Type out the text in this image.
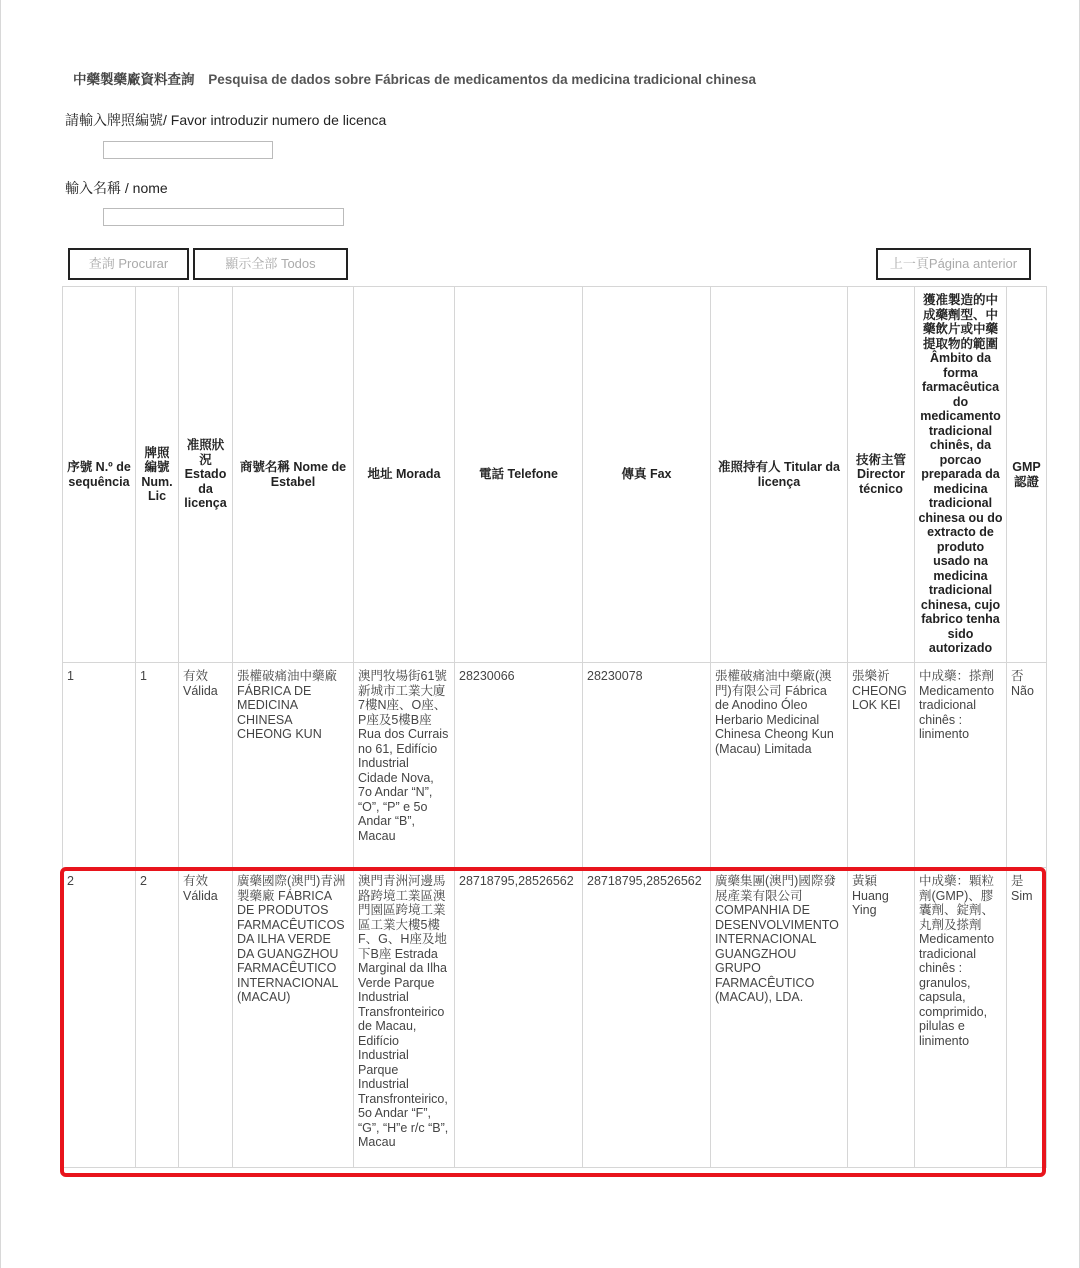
中藥製藥廠資料查詢 Pesquisa de dados sobre Fábricas de medicamentos da medicina tradicional chinesa
請輸入牌照編號/ Favor introduzir numero de licenca
輸入名稱 / nome
查詢 Procurar	顯示全部 Todos	上一頁Página anterior
序號 N.º de sequência	牌照編號 Num. Lic	准照狀況 Estado da licença	商號名稱 Nome de Estabel	地址 Morada	電話 Telefone	傳真 Fax	准照持有人 Titular da licença	技術主管 Director técnico	獲准製造的中成藥劑型、中藥飲片或中藥提取物的範圍 Âmbito da forma farmacêutica do medicamento tradicional chinês, da porcao preparada da medicina tradicional chinesa ou do extracto de produto usado na medicina tradicional chinesa, cujo fabrico tenha sido autorizado	GMP 認證
1	1	有效 Válida	張權破痛油中藥廠 FÁBRICA DE MEDICINA CHINESA CHEONG KUN	澳門牧場街61號新城市工業大廈7樓N座、O座、P座及5樓B座 Rua dos Currais no 61, Edifício Industrial Cidade Nova, 7o Andar “N”, “O”, “P” e 5o Andar “B”, Macau	28230066	28230078	張權破痛油中藥廠(澳門)有限公司 Fábrica de Anodino Óleo Herbario Medicinal Chinesa Cheong Kun (Macau) Limitada	張樂祈 CHEONG LOK KEI	中成藥：搽劑 Medicamento tradicional chinês : linimento	否 Não
2	2	有效 Válida	廣藥國際(澳門)青洲製藥廠 FÁBRICA DE PRODUTOS FARMACÊUTICOS DA ILHA VERDE DA GUANGZHOU FARMACÊUTICO INTERNACIONAL (MACAU)	澳門青洲河邊馬路跨境工業區澳門園區跨境工業區工業大樓5樓F、G、H座及地下B座 Estrada Marginal da Ilha Verde Parque Industrial Transfronteirico de Macau, Edifício Industrial Parque Industrial Transfronteirico, 5o Andar “F”, “G”, “H”e r/c “B”, Macau	28718795,28526562	28718795,28526562	廣藥集團(澳門)國際發展產業有限公司 COMPANHIA DE DESENVOLVIMENTO INTERNACIONAL GUANGZHOU GRUPO FARMACÊUTICO (MACAU), LDA.	黃穎 Huang Ying	中成藥：顆粒劑(GMP)、膠囊劑、錠劑、丸劑及搽劑 Medicamento tradicional chinês : granulos, capsula, comprimido, pilulas e linimento	是 Sim
